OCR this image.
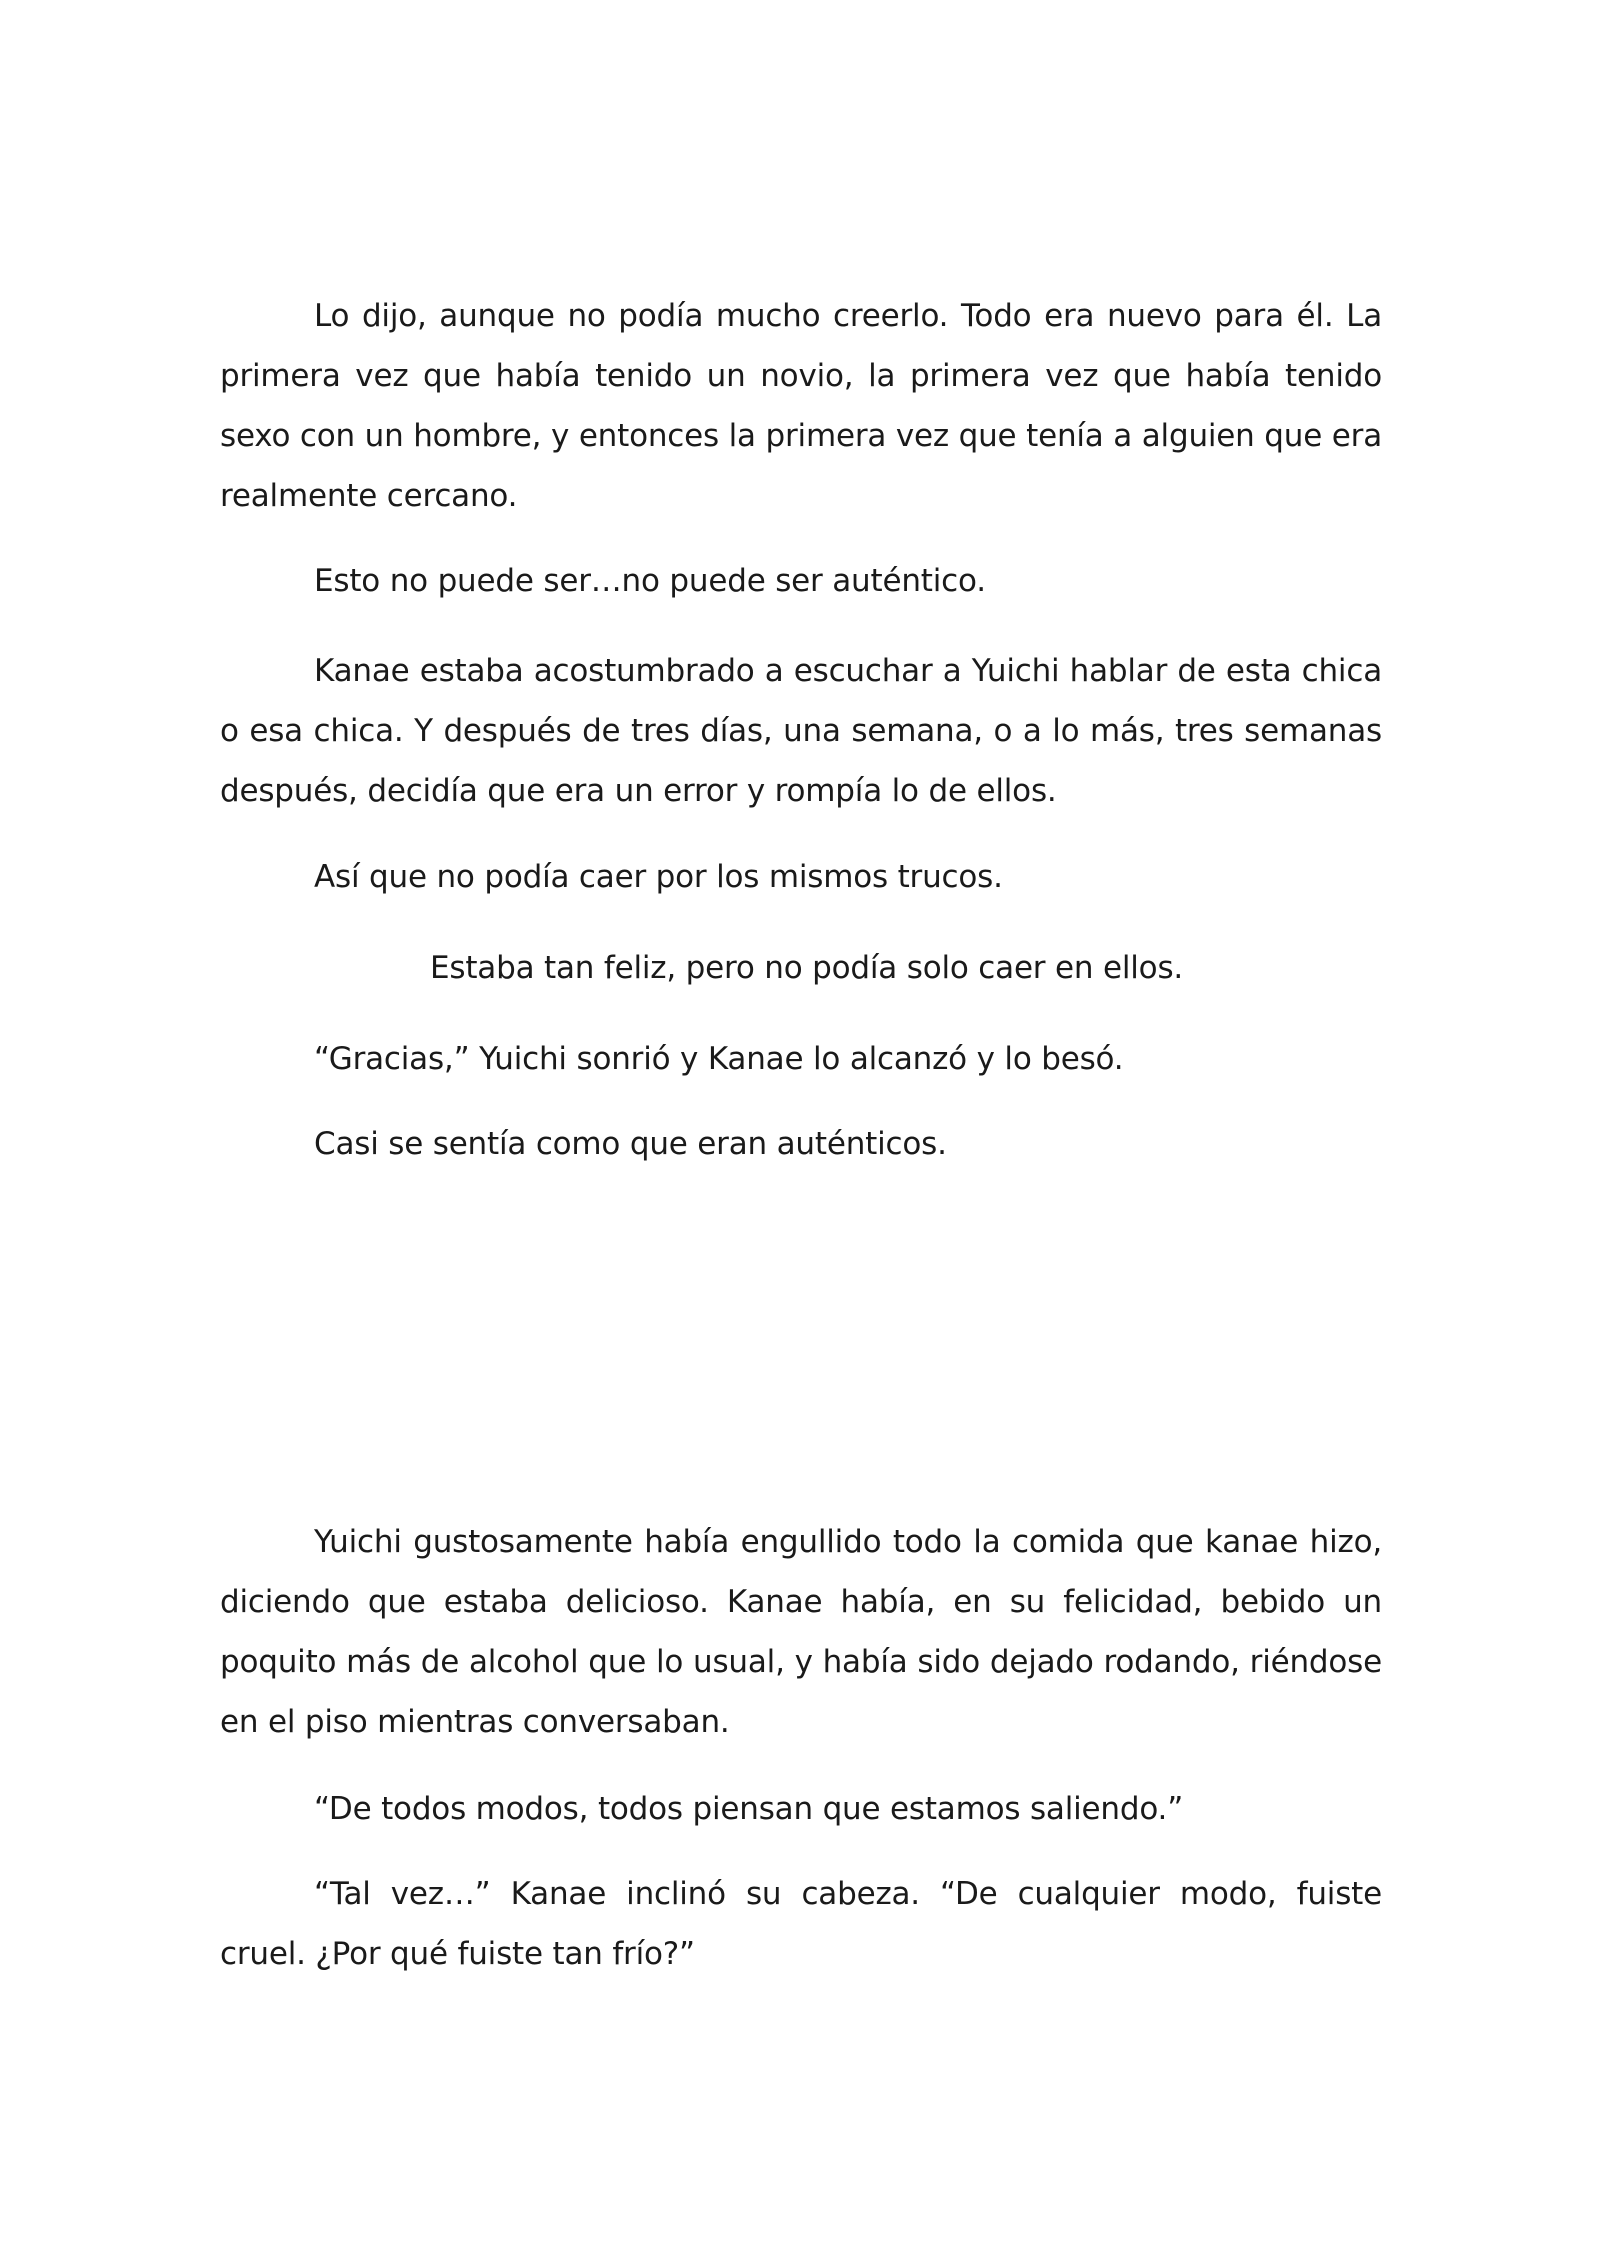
Lo dijo, aunque no podía mucho creerlo. Todo era nuevo para él. La primera vez que había tenido un novio, la primera vez que había tenido sexo con un hombre, y entonces la primera vez que tenía a alguien que era realmente cercano.

Esto no puede ser…no puede ser auténtico.

Kanae estaba acostumbrado a escuchar a Yuichi hablar de esta chica o esa chica. Y después de tres días, una semana, o a lo más, tres semanas después, decidía que era un error y rompía lo de ellos.

Así que no podía caer por los mismos trucos.

Estaba tan feliz, pero no podía solo caer en ellos.

“Gracias,” Yuichi sonrió y Kanae lo alcanzó y lo besó.

Casi se sentía como que eran auténticos.

Yuichi gustosamente había engullido todo la comida que kanae hizo, diciendo que estaba delicioso. Kanae había, en su felicidad, bebido un poquito más de alcohol que lo usual, y había sido dejado rodando, riéndose en el piso mientras conversaban.

“De todos modos, todos piensan que estamos saliendo.”

“Tal vez…” Kanae inclinó su cabeza. “De cualquier modo, fuiste cruel. ¿Por qué fuiste tan frío?”
